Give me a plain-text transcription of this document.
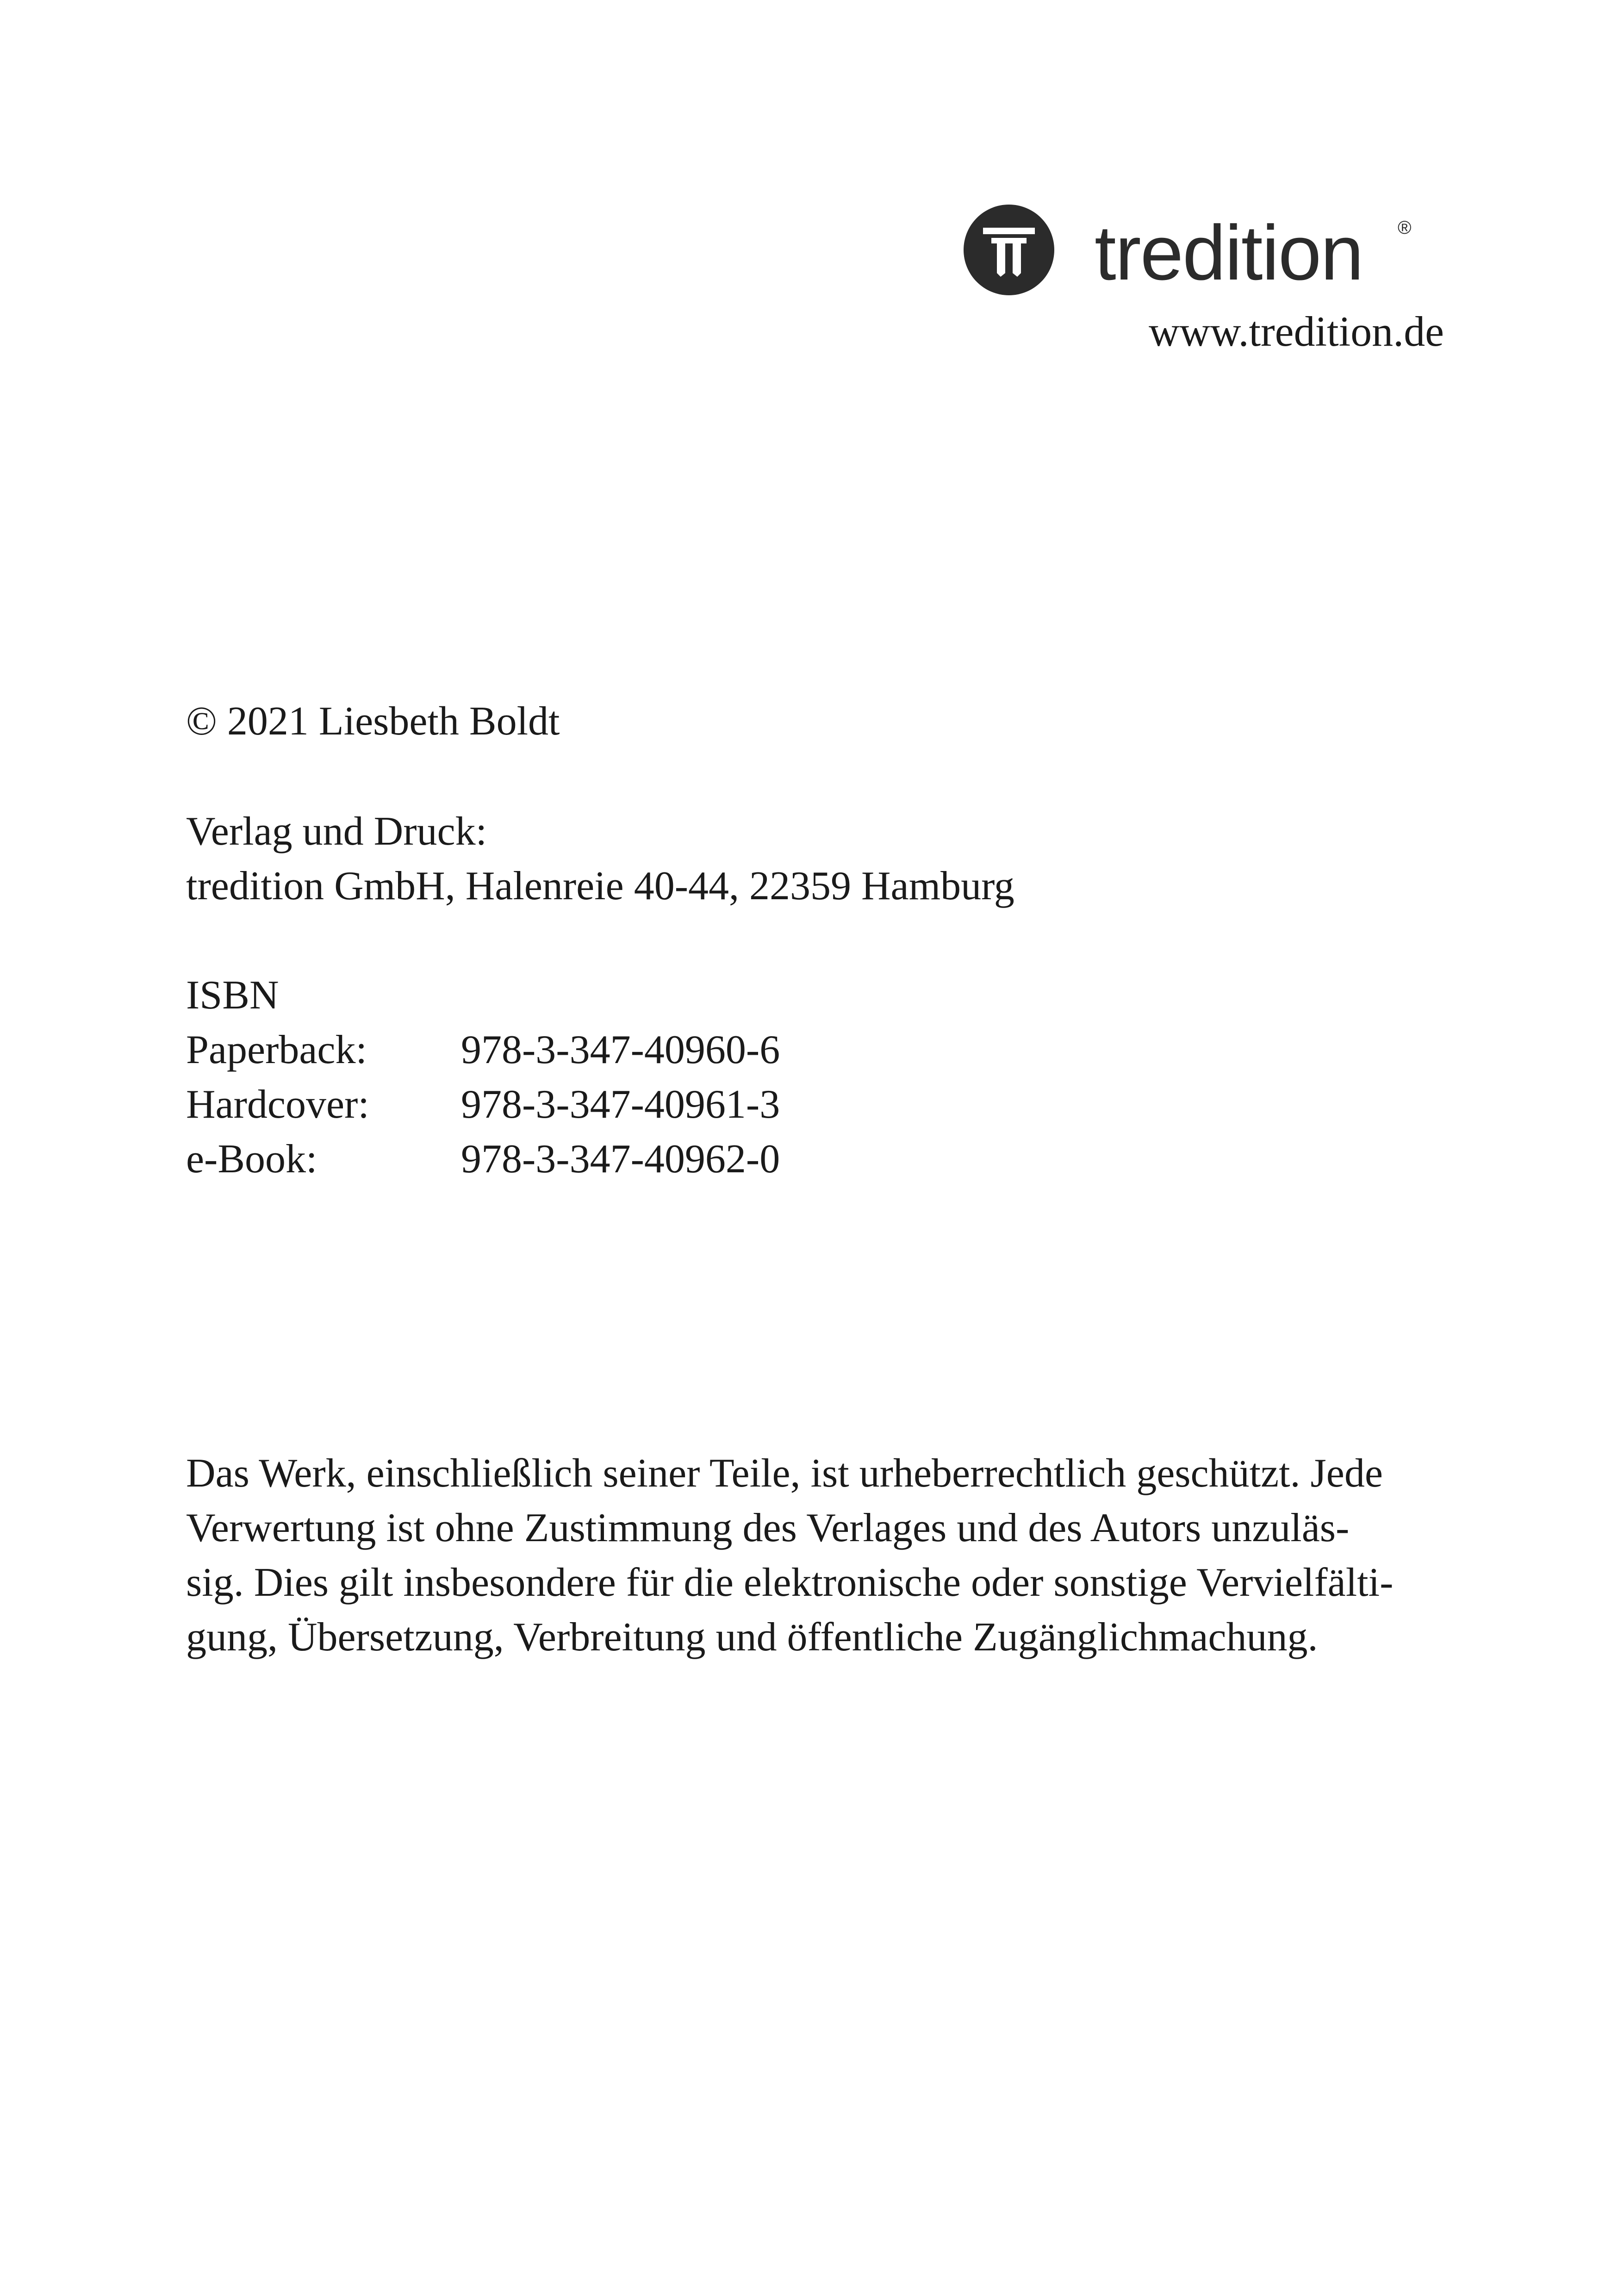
tredition ®
www.tredition.de
© 2021 Liesbeth Boldt
Verlag und Druck:
tredition GmbH, Halenreie 40-44, 22359 Hamburg
ISBN
Paperback: 978-3-347-40960-6
Hardcover: 978-3-347-40961-3
e-Book:	978-3-347-40962-0
Das Werk, einschließlich seiner Teile, ist urheberrechtlich geschützt. Jede
Verwertung ist ohne Zustimmung des Verlages und des Autors unzuläs-
sig. Dies gilt insbesondere für die elektronische oder sonstige Vervielfälti-
gung, Übersetzung, Verbreitung und öffentliche Zugänglichmachung.
